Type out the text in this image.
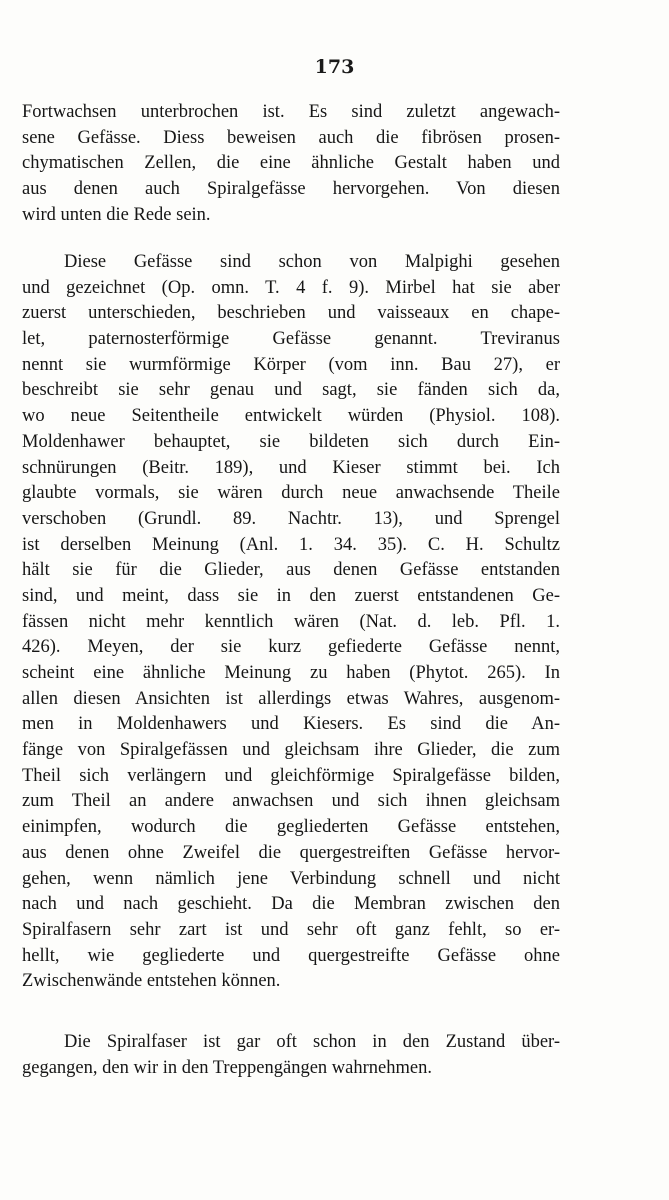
173
Fortwachsen unterbrochen ist. Es sind zuletzt angewach-
sene Gefässe. Diess beweisen auch die fibrösen prosen-
chymatischen Zellen, die eine ähnliche Gestalt haben und
aus denen auch Spiralgefässe hervorgehen. Von diesen
wird unten die Rede sein.
Diese Gefässe sind schon von Malpighi gesehen
und gezeichnet (Op. omn. T. 4 f. 9). Mirbel hat sie aber
zuerst unterschieden, beschrieben und vaisseaux en chape-
let, paternosterförmige Gefässe genannt. Treviranus
nennt sie wurmförmige Körper (vom inn. Bau 27), er
beschreibt sie sehr genau und sagt, sie fänden sich da,
wo neue Seitentheile entwickelt würden (Physiol. 108).
Moldenhawer behauptet, sie bildeten sich durch Ein-
schnürungen (Beitr. 189), und Kieser stimmt bei. Ich
glaubte vormals, sie wären durch neue anwachsende Theile
verschoben (Grundl. 89. Nachtr. 13), und Sprengel
ist derselben Meinung (Anl. 1. 34. 35). C. H. Schultz
hält sie für die Glieder, aus denen Gefässe entstanden
sind, und meint, dass sie in den zuerst entstandenen Ge-
fässen nicht mehr kenntlich wären (Nat. d. leb. Pfl. 1.
426). Meyen, der sie kurz gefiederte Gefässe nennt,
scheint eine ähnliche Meinung zu haben (Phytot. 265). In
allen diesen Ansichten ist allerdings etwas Wahres, ausgenom-
men in Moldenhawers und Kiesers. Es sind die An-
fänge von Spiralgefässen und gleichsam ihre Glieder, die zum
Theil sich verlängern und gleichförmige Spiralgefässe bilden,
zum Theil an andere anwachsen und sich ihnen gleichsam
einimpfen, wodurch die gegliederten Gefässe entstehen,
aus denen ohne Zweifel die quergestreiften Gefässe hervor-
gehen, wenn nämlich jene Verbindung schnell und nicht
nach und nach geschieht. Da die Membran zwischen den
Spiralfasern sehr zart ist und sehr oft ganz fehlt, so er-
hellt, wie gegliederte und quergestreifte Gefässe ohne
Zwischenwände entstehen können.
Die Spiralfaser ist gar oft schon in den Zustand über-
gegangen, den wir in den Treppengängen wahrnehmen.
